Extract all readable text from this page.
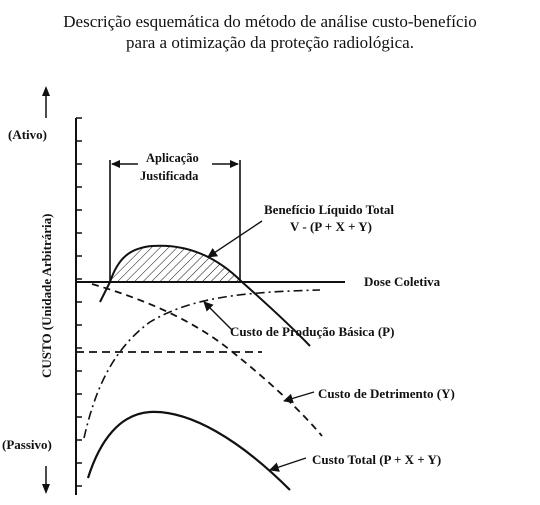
Descrição esquemática do método de análise custo-benefício
para a otimização da proteção radiológica.
(Ativo)
(Passivo)
CUSTO (Unidade Arbitrária)	Dose Coletiva
Aplicação
Justificada
Benefício Líquido Total
V - (P + X + Y)
Custo de Produção Básica (P)
Custo de Detrimento (Y)
Custo Total (P + X + Y)
